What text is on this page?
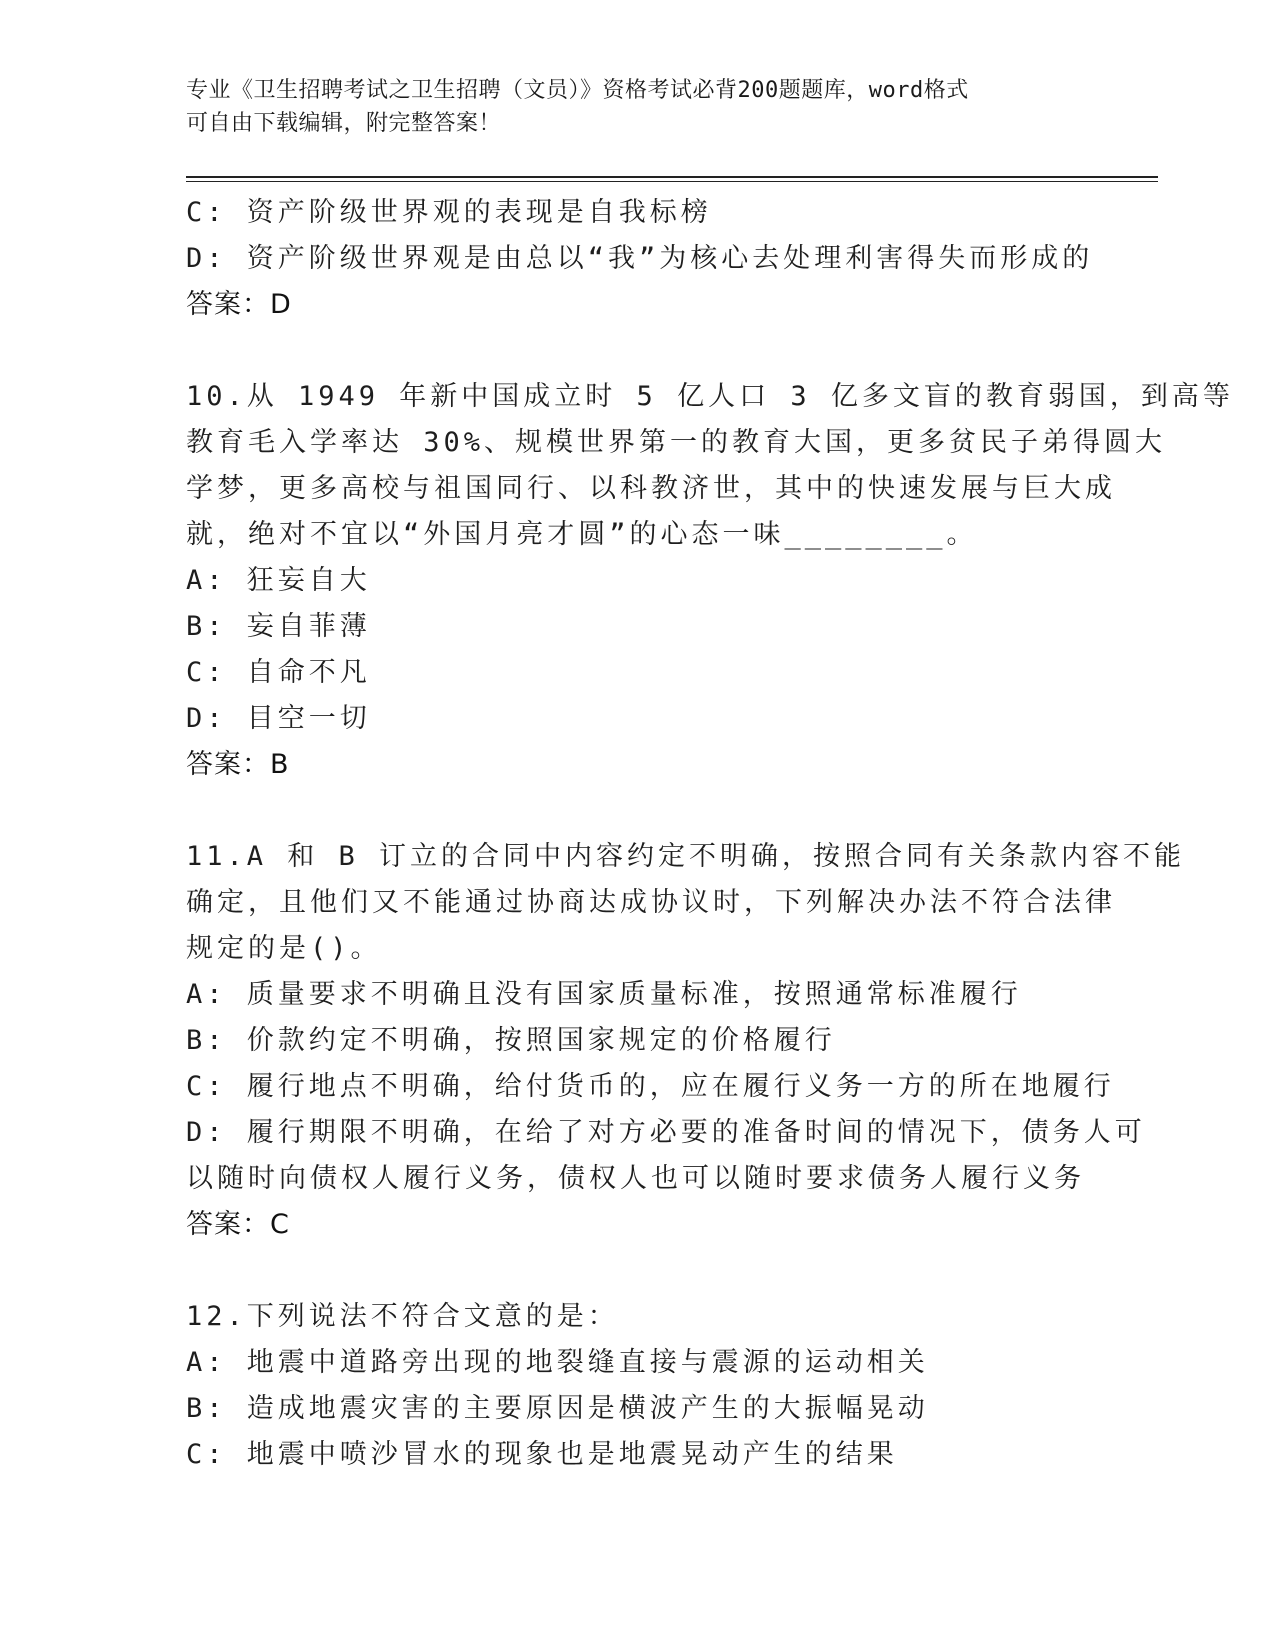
专业《卫生招聘考试之卫生招聘（文员）》资格考试必背200题题库，word格式
可自由下载编辑，附完整答案！
C: 资产阶级世界观的表现是自我标榜
D: 资产阶级世界观是由总以“我”为核心去处理利害得失而形成的
答案：D
10.从 1949 年新中国成立时 5 亿人口 3 亿多文盲的教育弱国，到高等
教育毛入学率达 30%、规模世界第一的教育大国，更多贫民子弟得圆大
学梦，更多高校与祖国同行、以科教济世，其中的快速发展与巨大成
就，绝对不宜以“外国月亮才圆”的心态一味________。
A: 狂妄自大
B: 妄自菲薄
C: 自命不凡
D: 目空一切
答案：B
11.A 和 B 订立的合同中内容约定不明确，按照合同有关条款内容不能
确定，且他们又不能通过协商达成协议时，下列解决办法不符合法律
规定的是()。
A: 质量要求不明确且没有国家质量标准，按照通常标准履行
B: 价款约定不明确，按照国家规定的价格履行
C: 履行地点不明确，给付货币的，应在履行义务一方的所在地履行
D: 履行期限不明确，在给了对方必要的准备时间的情况下，债务人可
以随时向债权人履行义务，债权人也可以随时要求债务人履行义务
答案：C
12.下列说法不符合文意的是：
A: 地震中道路旁出现的地裂缝直接与震源的运动相关
B: 造成地震灾害的主要原因是横波产生的大振幅晃动
C: 地震中喷沙冒水的现象也是地震晃动产生的结果
